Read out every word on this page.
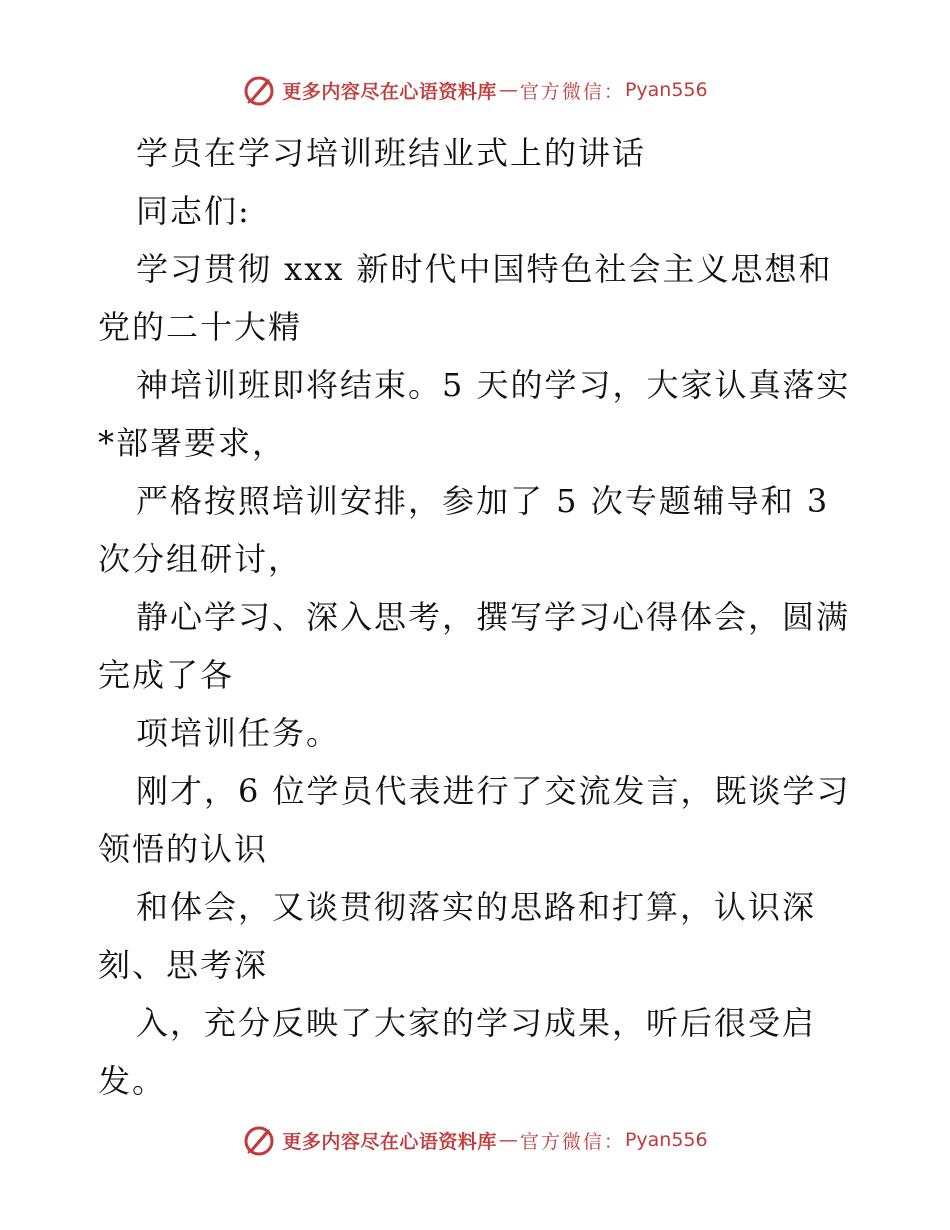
更多内容尽在心语资料库 — 官方微信： Pyan556
学员在学习培训班结业式上的讲话
同志们:
学习贯彻 xxx 新时代中国特色社会主义思想和
党的二十大精
神培训班即将结束。5 天的学习，大家认真落实
*部署要求，
严格按照培训安排，参加了 5 次专题辅导和 3
次分组研讨，
静心学习、深入思考，撰写学习心得体会，圆满
完成了各
项培训任务。
刚才，6 位学员代表进行了交流发言，既谈学习
领悟的认识
和体会，又谈贯彻落实的思路和打算，认识深
刻、思考深
入，充分反映了大家的学习成果，听后很受启
发。
更多内容尽在心语资料库 — 官方微信： Pyan556
